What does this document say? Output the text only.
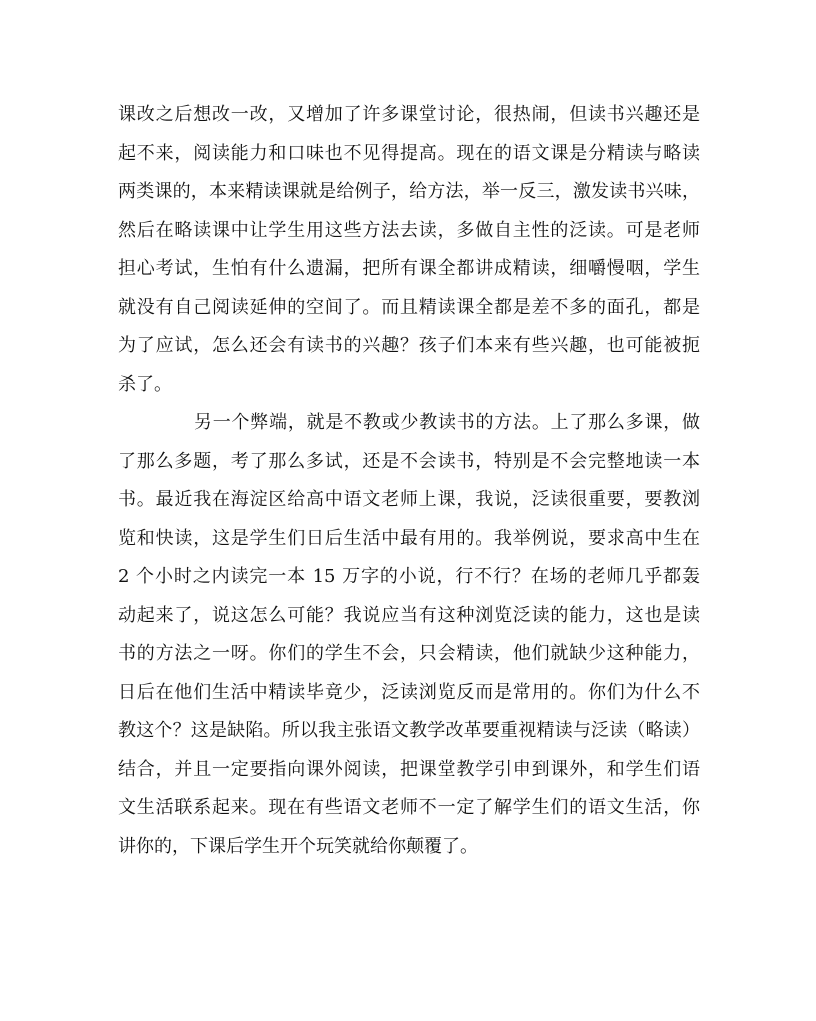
课改之后想改一改，又增加了许多课堂讨论，很热闹，但读书兴趣还是
起不来，阅读能力和口味也不见得提高。现在的语文课是分精读与略读
两类课的，本来精读课就是给例子，给方法，举一反三，激发读书兴味，
然后在略读课中让学生用这些方法去读，多做自主性的泛读。可是老师
担心考试，生怕有什么遗漏，把所有课全都讲成精读，细嚼慢咽，学生
就没有自己阅读延伸的空间了。而且精读课全都是差不多的面孔，都是
为了应试，怎么还会有读书的兴趣？孩子们本来有些兴趣，也可能被扼
杀了。
另一个弊端，就是不教或少教读书的方法。上了那么多课，做
了那么多题，考了那么多试，还是不会读书，特别是不会完整地读一本
书。最近我在海淀区给高中语文老师上课，我说，泛读很重要，要教浏
览和快读，这是学生们日后生活中最有用的。我举例说，要求高中生在
2 个小时之内读完一本 15 万字的小说，行不行？在场的老师几乎都轰
动起来了，说这怎么可能？我说应当有这种浏览泛读的能力，这也是读
书的方法之一呀。你们的学生不会，只会精读，他们就缺少这种能力，
日后在他们生活中精读毕竟少，泛读浏览反而是常用的。你们为什么不
教这个？这是缺陷。所以我主张语文教学改革要重视精读与泛读（略读）
结合，并且一定要指向课外阅读，把课堂教学引申到课外，和学生们语
文生活联系起来。现在有些语文老师不一定了解学生们的语文生活，你
讲你的，下课后学生开个玩笑就给你颠覆了。
